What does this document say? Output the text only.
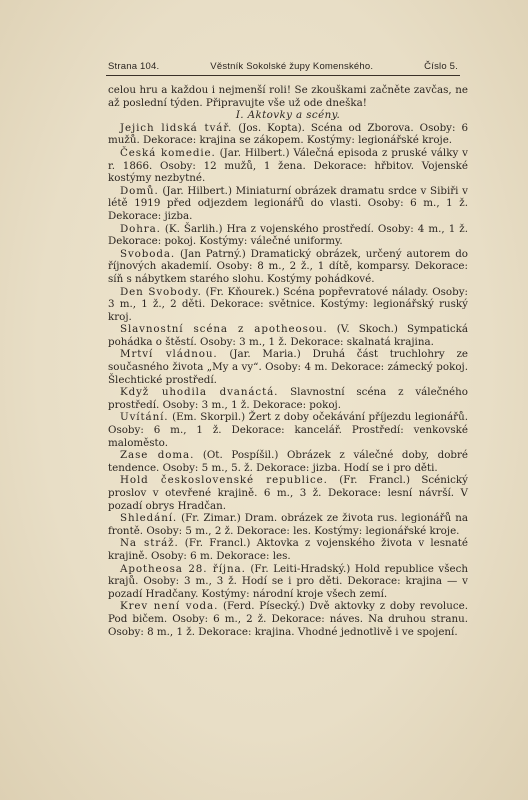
Strana 104.	Věstník Sokolské župy Komenského.	Číslo 5.

celou hru a každou i nejmenší roli! Se zkouškami začněte zavčas, ne až poslední týden. Připravujte vše už ode dneška!

I. Aktovky a scény.

Jejich lidská tvář. (Jos. Kopta). Scéna od Zborova. Osoby: 6 mužů. Dekorace: krajina se zákopem. Kostýmy: legionářské kroje.

Česká komedie. (Jar. Hilbert.) Válečná episoda z pruské války v r. 1866. Osoby: 12 mužů, 1 žena. Dekorace: hřbitov. Vojenské kostýmy nezbytné.

Domů. (Jar. Hilbert.) Miniaturní obrázek dramatu srdce v Sibiři v létě 1919 před odjezdem legionářů do vlasti. Osoby: 6 m., 1 ž. Dekorace: jizba.

Dohra. (K. Šarlih.) Hra z vojenského prostředí. Osoby: 4 m., 1 ž. Dekorace: pokoj. Kostýmy: válečné uniformy.

Svoboda. (Jan Patrný.) Dramatický obrázek, určený autorem do říjnových akademií. Osoby: 8 m., 2 ž., 1 dítě, komparsy. Dekorace: síň s nábytkem starého slohu. Kostýmy pohádkové.

Den Svobody. (Fr. Kňourek.) Scéna popřevratové nálady. Osoby: 3 m., 1 ž., 2 děti. Dekorace: světnice. Kostýmy: legionářský ruský kroj.

Slavnostní scéna z apotheosou. (V. Skoch.) Sympatická pohádka o štěstí. Osoby: 3 m., 1 ž. Dekorace: skalnatá krajina.

Mrtví vládnou. (Jar. Maria.) Druhá část truchlohry ze současného života „My a vy“. Osoby: 4 m. Dekorace: zámecký pokoj. Šlechtické prostředí.

Když uhodila dvanáctá. Slavnostní scéna z válečného prostředí. Osoby: 3 m., 1 ž. Dekorace: pokoj.

Uvítání. (Em. Skorpil.) Žert z doby očekávání příjezdu legionářů. Osoby: 6 m., 1 ž. Dekorace: kancelář. Prostředí: venkovské maloměsto.

Zase doma. (Ot. Pospíšil.) Obrázek z válečné doby, dobré tendence. Osoby: 5 m., 5. ž. Dekorace: jizba. Hodí se i pro děti.

Hold československé republice. (Fr. Francl.) Scénický proslov v otevřené krajině. 6 m., 3 ž. Dekorace: lesní návrší. V pozadí obrys Hradčan.

Shledání. (Fr. Zimar.) Dram. obrázek ze života rus. legionářů na frontě. Osoby: 5 m., 2 ž. Dekorace: les. Kostýmy: legionářské kroje.

Na stráž. (Fr. Francl.) Aktovka z vojenského života v lesnaté krajině. Osoby: 6 m. Dekorace: les.

Apotheosa 28. října. (Fr. Leiti-Hradský.) Hold republice všech krajů. Osoby: 3 m., 3 ž. Hodí se i pro děti. Dekorace: krajina — v pozadí Hradčany. Kostýmy: národní kroje všech zemí.

Krev není voda. (Ferd. Písecký.) Dvě aktovky z doby revoluce. Pod bičem. Osoby: 6 m., 2 ž. Dekorace: náves. Na druhou stranu. Osoby: 8 m., 1 ž. Dekorace: krajina. Vhodné jednotlivě i ve spojení.
